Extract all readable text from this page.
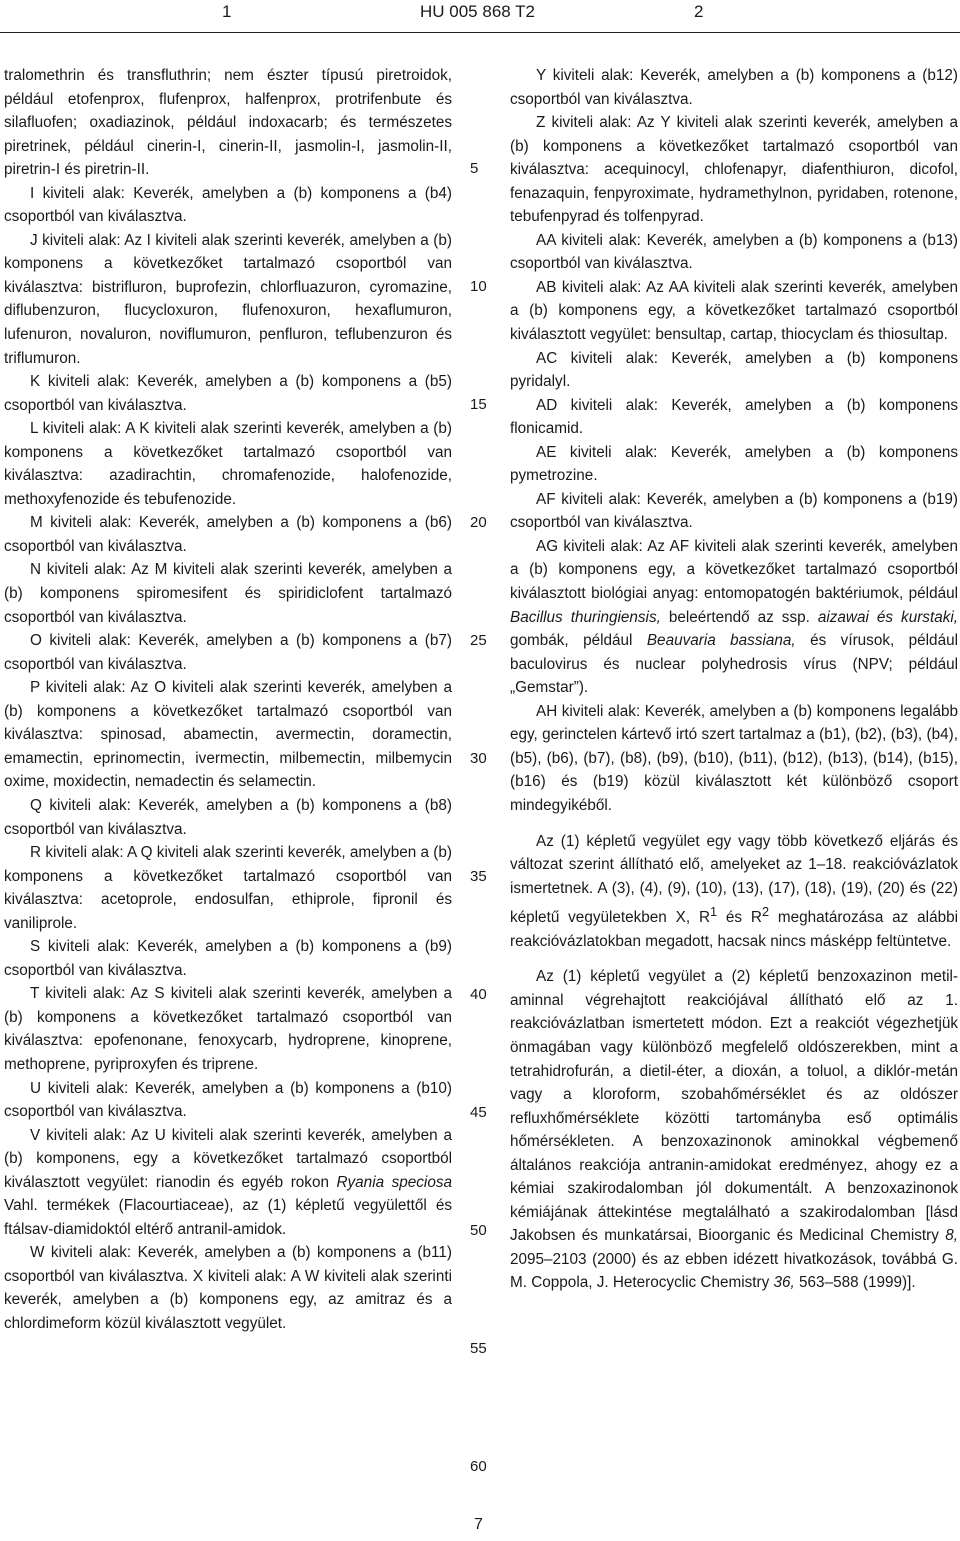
1	HU 005 868 T2	2

tralomethrin és transfluthrin; nem észter típusú piretroidok, például etofenprox, flufenprox, halfenprox, protrifenbute és silafluofen; oxadiazinok, például indoxacarb; és természetes piretrinek, például cinerin-I, cinerin-II, jasmolin-I, jasmolin-II, piretrin-I és piretrin-II.

I kiviteli alak: Keverék, amelyben a (b) komponens a (b4) csoportból van kiválasztva.

J kiviteli alak: Az I kiviteli alak szerinti keverék, amelyben a (b) komponens a következőket tartalmazó csoportból van kiválasztva: bistrifluron, buprofezin, chlorfluazuron, cyromazine, diflubenzuron, flucycloxuron, flufenoxuron, hexaflumuron, lufenuron, novaluron, noviflumuron, penfluron, teflubenzuron és triflumuron.

K kiviteli alak: Keverék, amelyben a (b) komponens a (b5) csoportból van kiválasztva.

L kiviteli alak: A K kiviteli alak szerinti keverék, amelyben a (b) komponens a következőket tartalmazó csoportból van kiválasztva: azadirachtin, chromafenozide, halofenozide, methoxyfenozide és tebufenozide.

M kiviteli alak: Keverék, amelyben a (b) komponens a (b6) csoportból van kiválasztva.

N kiviteli alak: Az M kiviteli alak szerinti keverék, amelyben a (b) komponens spiromesifent és spiridiclofent tartalmazó csoportból van kiválasztva.

O kiviteli alak: Keverék, amelyben a (b) komponens a (b7) csoportból van kiválasztva.

P kiviteli alak: Az O kiviteli alak szerinti keverék, amelyben a (b) komponens a következőket tartalmazó csoportból van kiválasztva: spinosad, abamectin, avermectin, doramectin, emamectin, eprinomectin, ivermectin, milbemectin, milbemycin oxime, moxidectin, nemadectin és selamectin.

Q kiviteli alak: Keverék, amelyben a (b) komponens a (b8) csoportból van kiválasztva.

R kiviteli alak: A Q kiviteli alak szerinti keverék, amelyben a (b) komponens a következőket tartalmazó csoportból van kiválasztva: acetoprole, endosulfan, ethiprole, fipronil és vaniliprole.

S kiviteli alak: Keverék, amelyben a (b) komponens a (b9) csoportból van kiválasztva.

T kiviteli alak: Az S kiviteli alak szerinti keverék, amelyben a (b) komponens a következőket tartalmazó csoportból van kiválasztva: epofenonane, fenoxycarb, hydroprene, kinoprene, methoprene, pyriproxyfen és triprene.

U kiviteli alak: Keverék, amelyben a (b) komponens a (b10) csoportból van kiválasztva.

V kiviteli alak: Az U kiviteli alak szerinti keverék, amelyben a (b) komponens, egy a következőket tartalmazó csoportból kiválasztott vegyület: rianodin és egyéb rokon Ryania speciosa Vahl. termékek (Flacourtiaceae), az (1) képletű vegyülettől és ftálsav-diamidoktól eltérő antranil-amidok.

W kiviteli alak: Keverék, amelyben a (b) komponens a (b11) csoportból van kiválasztva. X kiviteli alak: A W kiviteli alak szerinti keverék, amelyben a (b) komponens egy, az amitraz és a chlordimeform közül kiválasztott vegyület.

5
10
15
20
25
30
35
40
45
50
55
60

Y kiviteli alak: Keverék, amelyben a (b) komponens a (b12) csoportból van kiválasztva.

Z kiviteli alak: Az Y kiviteli alak szerinti keverék, amelyben a (b) komponens a következőket tartalmazó csoportból van kiválasztva: acequinocyl, chlofenapyr, diafenthiuron, dicofol, fenazaquin, fenpyroximate, hydramethylnon, pyridaben, rotenone, tebufenpyrad és tolfenpyrad.

AA kiviteli alak: Keverék, amelyben a (b) komponens a (b13) csoportból van kiválasztva.

AB kiviteli alak: Az AA kiviteli alak szerinti keverék, amelyben a (b) komponens egy, a következőket tartalmazó csoportból kiválasztott vegyület: bensultap, cartap, thiocyclam és thiosultap.

AC kiviteli alak: Keverék, amelyben a (b) komponens pyridalyl.

AD kiviteli alak: Keverék, amelyben a (b) komponens flonicamid.

AE kiviteli alak: Keverék, amelyben a (b) komponens pymetrozine.

AF kiviteli alak: Keverék, amelyben a (b) komponens a (b19) csoportból van kiválasztva.

AG kiviteli alak: Az AF kiviteli alak szerinti keverék, amelyben a (b) komponens egy, a következőket tartalmazó csoportból kiválasztott biológiai anyag: entomopatogén baktériumok, például Bacillus thuringiensis, beleértendő az ssp. aizawai és kurstaki, gombák, például Beauvaria bassiana, és vírusok, például baculovirus és nuclear polyhedrosis vírus (NPV; például „Gemstar”).

AH kiviteli alak: Keverék, amelyben a (b) komponens legalább egy, gerinctelen kártevő irtó szert tartalmaz a (b1), (b2), (b3), (b4), (b5), (b6), (b7), (b8), (b9), (b10), (b11), (b12), (b13), (b14), (b15), (b16) és (b19) közül kiválasztott két különböző csoport mindegyikéből.

Az (1) képletű vegyület egy vagy több következő eljárás és változat szerint állítható elő, amelyeket az 1–18. reakcióvázlatok ismertetnek. A (3), (4), (9), (10), (13), (17), (18), (19), (20) és (22) képletű vegyületekben X, $R^1$ és $R^2$ meghatározása az alábbi reakcióvázlatokban megadott, hacsak nincs másképp feltüntetve.

Az (1) képletű vegyület a (2) képletű benzoxazinon metil-aminnal végrehajtott reakciójával állítható elő az 1. reakcióvázlatban ismertetett módon. Ezt a reakciót végezhetjük önmagában vagy különböző megfelelő oldószerekben, mint a tetrahidrofurán, a dietil-éter, a dioxán, a toluol, a diklór-metán vagy a kloroform, szobahőmérséklet és az oldószer refluxhőmérséklete közötti tartományba eső optimális hőmérsékleten. A benzoxazinonok aminokkal végbemenő általános reakciója antranin-amidokat eredményez, ahogy ez a kémiai szakirodalomban jól dokumentált. A benzoxazinonok kémiájának áttekintése megtalálható a szakirodalomban [lásd Jakobsen és munkatársai, Bioorganic és Medicinal Chemistry 8, 2095–2103 (2000) és az ebben idézett hivatkozások, továbbá G. M. Coppola, J. Heterocyclic Chemistry 36, 563–588 (1999)].

7
